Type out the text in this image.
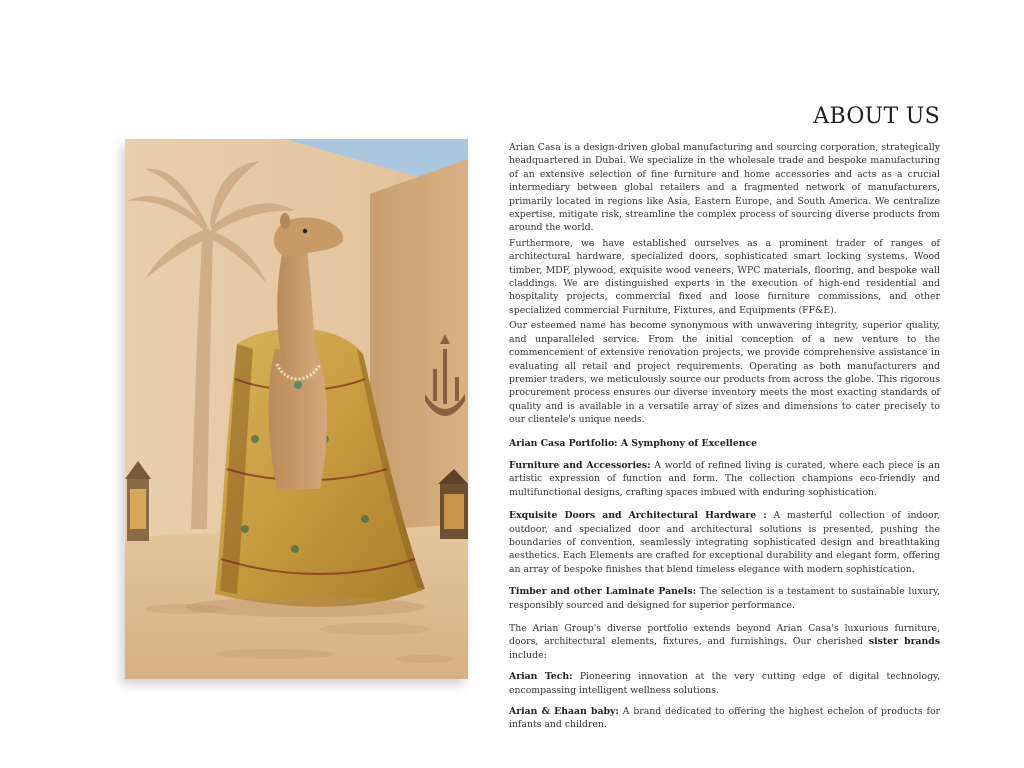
ABOUT US

Arian Casa is a design-driven global manufacturing and sourcing corporation, strategically headquartered in Dubai. We specialize in the wholesale trade and bespoke manufacturing of an extensive selection of fine furniture and home accessories and acts as a crucial intermediary between global retailers and a fragmented network of manufacturers, primarily located in regions like Asia, Eastern Europe, and South America. We centralize expertise, mitigate risk, streamline the complex process of sourcing diverse products from around the world.

Furthermore, we have established ourselves as a prominent trader of ranges of architectural hardware, specialized doors, sophisticated smart locking systems, Wood timber, MDF, plywood, exquisite wood veneers, WPC materials, flooring, and bespoke wall claddings. We are distinguished experts in the execution of high-end residential and hospitality projects, commercial fixed and loose furniture commissions, and other specialized commercial Furniture, Fixtures, and Equipments (FF&E).

Our esteemed name has become synonymous with unwavering integrity, superior quality, and unparalleled service. From the initial conception of a new venture to the commencement of extensive renovation projects, we provide comprehensive assistance in evaluating all retail and project requirements. Operating as both manufacturers and premier traders, we meticulously source our products from across the globe. This rigorous procurement process ensures our diverse inventory meets the most exacting standards of quality and is available in a versatile array of sizes and dimensions to cater precisely to our clientele's unique needs.

Arian Casa Portfolio: A Symphony of Excellence

Furniture and Accessories: A world of refined living is curated, where each piece is an artistic expression of function and form. The collection champions eco-friendly and multifunctional designs, crafting spaces imbued with enduring sophistication.

Exquisite Doors and Architectural Hardware : A masterful collection of indoor, outdoor, and specialized door and architectural solutions is presented, pushing the boundaries of convention, seamlessly integrating sophisticated design and breathtaking aesthetics. Each Elements are crafted for exceptional durability and elegant form, offering an array of bespoke finishes that blend timeless elegance with modern sophistication.

Timber and other Laminate Panels: The selection is a testament to sustainable luxury, responsibly sourced and designed for superior performance.

The Arian Group's diverse portfolio extends beyond Arian Casa's luxurious furniture, doors, architectural elements, fixtures, and furnishings. Our cherished sister brands include:

Arian Tech: Pioneering innovation at the very cutting edge of digital technology, encompassing intelligent wellness solutions.

Arian & Ehaan baby: A brand dedicated to offering the highest echelon of products for infants and children.
